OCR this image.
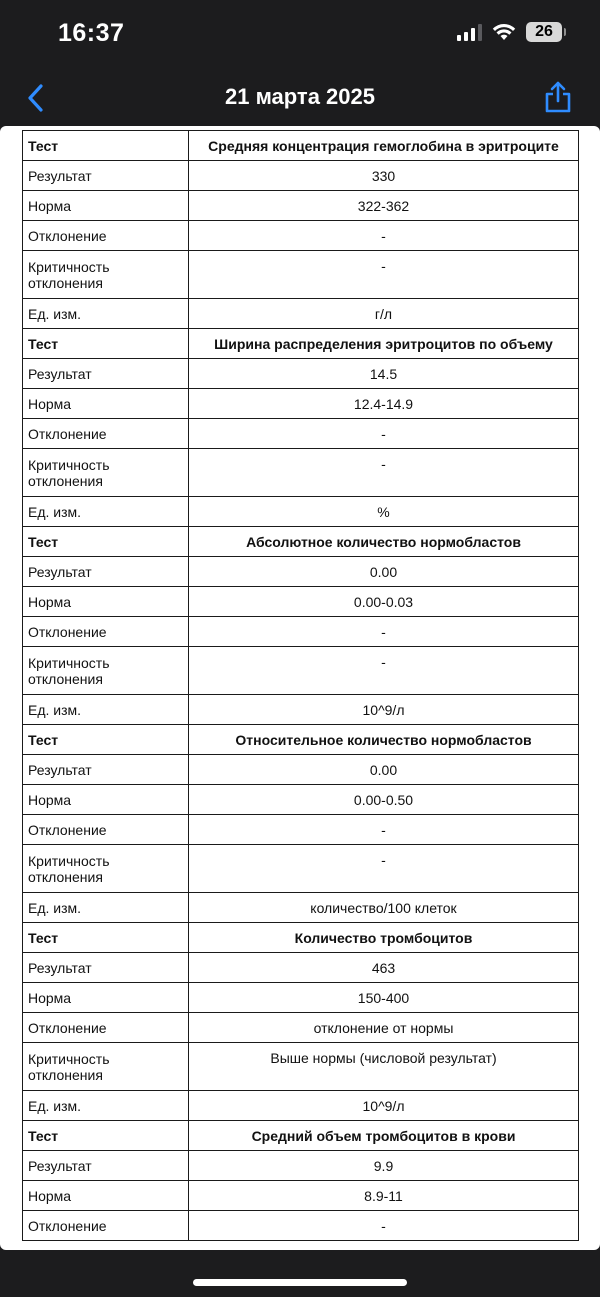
16:37	26
21 марта 2025
Тест	Средняя концентрация гемоглобина в эритроците
Результат	330
Норма	322-362
Отклонение	-
Критичность отклонения	-
Ед. изм.	г/л
Тест	Ширина распределения эритроцитов по объему
Результат	14.5
Норма	12.4-14.9
Отклонение	-
Критичность отклонения	-
Ед. изм.	%
Тест	Абсолютное количество нормобластов
Результат	0.00
Норма	0.00-0.03
Отклонение	-
Критичность отклонения	-
Ед. изм.	10^9/л
Тест	Относительное количество нормобластов
Результат	0.00
Норма	0.00-0.50
Отклонение	-
Критичность отклонения	-
Ед. изм.	количество/100 клеток
Тест	Количество тромбоцитов
Результат	463
Норма	150-400
Отклонение	отклонение от нормы
Критичность отклонения	Выше нормы (числовой результат)
Ед. изм.	10^9/л
Тест	Средний объем тромбоцитов в крови
Результат	9.9
Норма	8.9-11
Отклонение	-
